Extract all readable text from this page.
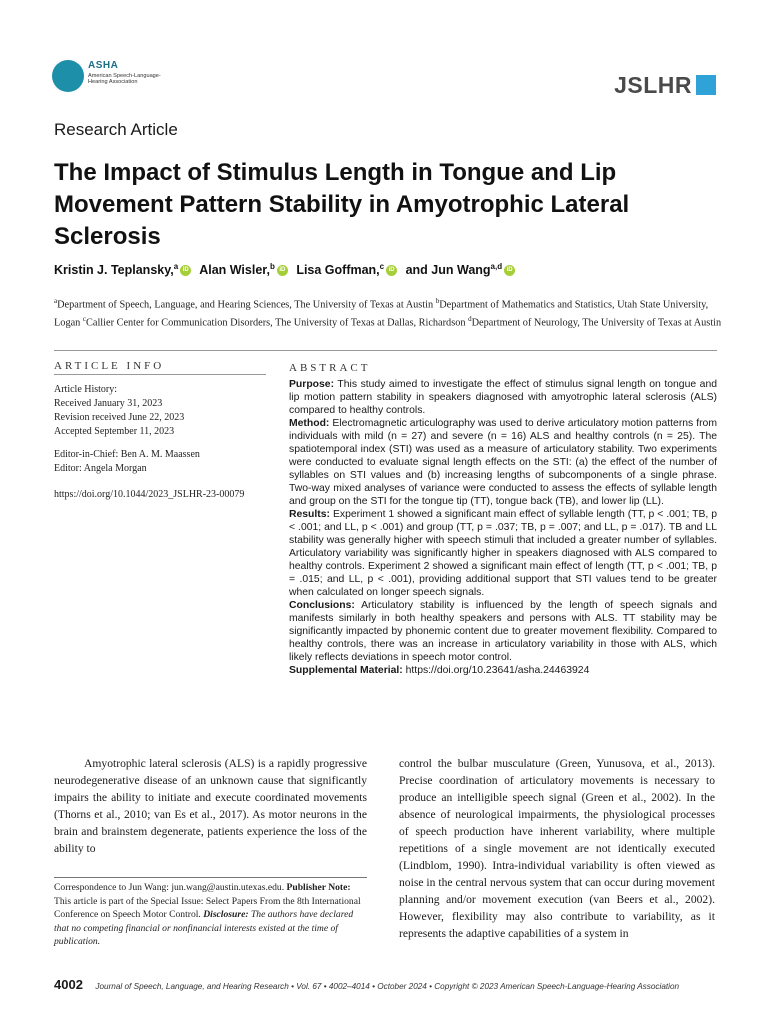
ASHA
American Speech-Language-Hearing Association	JSLHR
Research Article
The Impact of Stimulus Length in Tongue and Lip Movement Pattern Stability in Amyotrophic Lateral Sclerosis
Kristin J. Teplansky,$^a$ iD Alan Wisler,$^b$ iD Lisa Goffman,$^c$ iD and Jun Wang$^{a,d}$ iD
$^a$Department of Speech, Language, and Hearing Sciences, The University of Texas at Austin $^b$Department of Mathematics and Statistics, Utah State University, Logan $^c$Callier Center for Communication Disorders, The University of Texas at Dallas, Richardson $^d$Department of Neurology, The University of Texas at Austin
ARTICLE INFO
Article History:
Received January 31, 2023
Revision received June 22, 2023
Accepted September 11, 2023
Editor-in-Chief: Ben A. M. Maassen
Editor: Angela Morgan
https://doi.org/10.1044/2023_JSLHR-23-00079
ABSTRACT

Purpose: This study aimed to investigate the effect of stimulus signal length on tongue and lip motion pattern stability in speakers diagnosed with amyotrophic lateral sclerosis (ALS) compared to healthy controls.

Method: Electromagnetic articulography was used to derive articulatory motion patterns from individuals with mild (n = 27) and severe (n = 16) ALS and healthy controls (n = 25). The spatiotemporal index (STI) was used as a measure of articulatory stability. Two experiments were conducted to evaluate signal length effects on the STI: (a) the effect of the number of syllables on STI values and (b) increasing lengths of subcomponents of a single phrase. Two-way mixed analyses of variance were conducted to assess the effects of syllable length and group on the STI for the tongue tip (TT), tongue back (TB), and lower lip (LL).

Results: Experiment 1 showed a significant main effect of syllable length (TT, p < .001; TB, p < .001; and LL, p < .001) and group (TT, p = .037; TB, p = .007; and LL, p = .017). TB and LL stability was generally higher with speech stimuli that included a greater number of syllables. Articulatory variability was significantly higher in speakers diagnosed with ALS compared to healthy controls. Experiment 2 showed a significant main effect of length (TT, p < .001; TB, p = .015; and LL, p < .001), providing additional support that STI values tend to be greater when calculated on longer speech signals.

Conclusions: Articulatory stability is influenced by the length of speech signals and manifests similarly in both healthy speakers and persons with ALS. TT stability may be significantly impacted by phonemic content due to greater movement flexibility. Compared to healthy controls, there was an increase in articulatory variability in those with ALS, which likely reflects deviations in speech motor control.

Supplemental Material: https://doi.org/10.23641/asha.24463924

Amyotrophic lateral sclerosis (ALS) is a rapidly progressive neurodegenerative disease of an unknown cause that significantly impairs the ability to initiate and execute coordinated movements (Thorns et al., 2010; van Es et al., 2017). As motor neurons in the brain and brainstem degenerate, patients experience the loss of the ability to
control the bulbar musculature (Green, Yunusova, et al., 2013). Precise coordination of articulatory movements is necessary to produce an intelligible speech signal (Green et al., 2002). In the absence of neurological impairments, the physiological processes of speech production have inherent variability, where multiple repetitions of a single movement are not identically executed (Lindblom, 1990). Intra-individual variability is often viewed as noise in the central nervous system that can occur during movement planning and/or movement execution (van Beers et al., 2002). However, flexibility may also contribute to variability, as it represents the adaptive capabilities of a system in
Correspondence to Jun Wang: jun.wang@austin.utexas.edu. Publisher Note: This article is part of the Special Issue: Select Papers From the 8th International Conference on Speech Motor Control. Disclosure: The authors have declared that no competing financial or nonfinancial interests existed at the time of publication.
4002 Journal of Speech, Language, and Hearing Research • Vol. 67 • 4002–4014 • October 2024 • Copyright © 2023 American Speech-Language-Hearing Association
